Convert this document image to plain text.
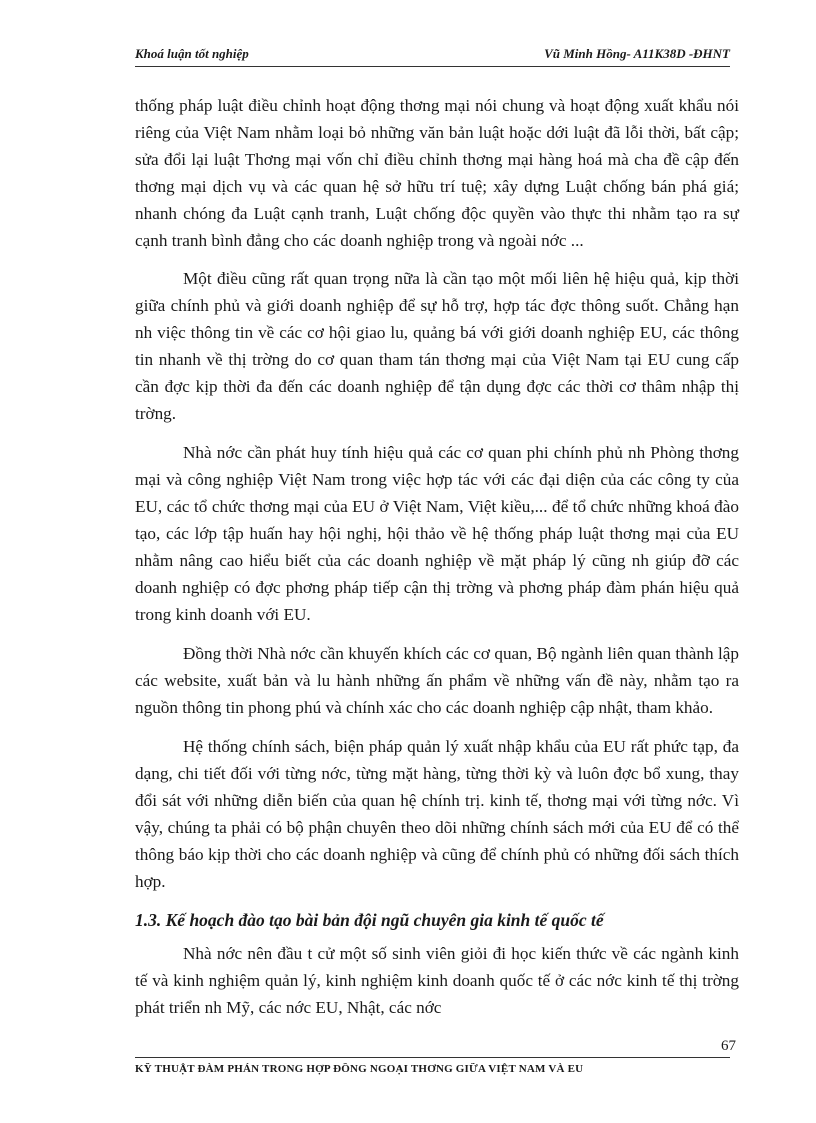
Khoá luận tốt nghiệp	Vũ Minh Hồng- A11K38D -ĐHNT

thống pháp luật điều chỉnh hoạt động thơng mại nói chung và hoạt động xuất khẩu nói riêng của Việt Nam nhằm loại bỏ những văn bản luật hoặc dới luật đã lỗi thời, bất cập; sửa đổi lại luật Thơng mại vốn chỉ điều chỉnh thơng mại hàng hoá mà cha đề cập đến thơng mại dịch vụ và các quan hệ sở hữu trí tuệ; xây dựng Luật chống bán phá giá; nhanh chóng đa Luật cạnh tranh, Luật chống độc quyền vào thực thi nhằm tạo ra sự cạnh tranh bình đẳng cho các doanh nghiệp trong và ngoài nớc ...

Một điều cũng rất quan trọng nữa là cần tạo một mối liên hệ hiệu quả, kịp thời giữa chính phủ và giới doanh nghiệp để sự hỗ trợ, hợp tác đợc thông suốt. Chẳng hạn nh việc thông tin về các cơ hội giao lu, quảng bá với giới doanh nghiệp EU, các thông tin nhanh về thị trờng do cơ quan tham tán thơng mại của Việt Nam tại EU cung cấp cần đợc kịp thời đa đến các doanh nghiệp để tận dụng đợc các thời cơ thâm nhập thị trờng.

Nhà nớc cần phát huy tính hiệu quả các cơ quan phi chính phủ nh Phòng thơng mại và công nghiệp Việt Nam trong việc hợp tác với các đại diện của các công ty của EU, các tổ chức thơng mại của EU ở Việt Nam, Việt kiều,... để tổ chức những khoá đào tạo, các lớp tập huấn hay hội nghị, hội thảo về hệ thống pháp luật thơng mại của EU nhằm nâng cao hiểu biết của các doanh nghiệp về mặt pháp lý cũng nh giúp đỡ các doanh nghiệp có đợc phơng pháp tiếp cận thị trờng và phơng pháp đàm phán hiệu quả trong kinh doanh với EU.

Đồng thời Nhà nớc cần khuyến khích các cơ quan, Bộ ngành liên quan thành lập các website, xuất bản và lu hành những ấn phẩm về những vấn đề này, nhằm tạo ra nguồn thông tin phong phú và chính xác cho các doanh nghiệp cập nhật, tham khảo.

Hệ thống chính sách, biện pháp quản lý xuất nhập khẩu của EU rất phức tạp, đa dạng, chi tiết đối với từng nớc, từng mặt hàng, từng thời kỳ và luôn đợc bổ xung, thay đổi sát với những diễn biến của quan hệ chính trị. kinh tế, thơng mại với từng nớc. Vì vậy, chúng ta phải có bộ phận chuyên theo dõi những chính sách mới của EU để có thể thông báo kịp thời cho các doanh nghiệp và cũng để chính phủ có những đối sách thích hợp.

1.3. Kế hoạch đào tạo bài bản đội ngũ chuyên gia kinh tế quốc tế

Nhà nớc nên đầu t cử một số sinh viên giỏi đi học kiến thức về các ngành kinh tế và kinh nghiệm quản lý, kinh nghiệm kinh doanh quốc tế ở các nớc kinh tế thị trờng phát triển nh Mỹ, các nớc EU, Nhật, các nớc

67
KỸ THUẬT ĐÀM PHÁN TRONG HỢP ĐỒNG NGOẠI THƠNG GIỮA VIỆT NAM VÀ EU
